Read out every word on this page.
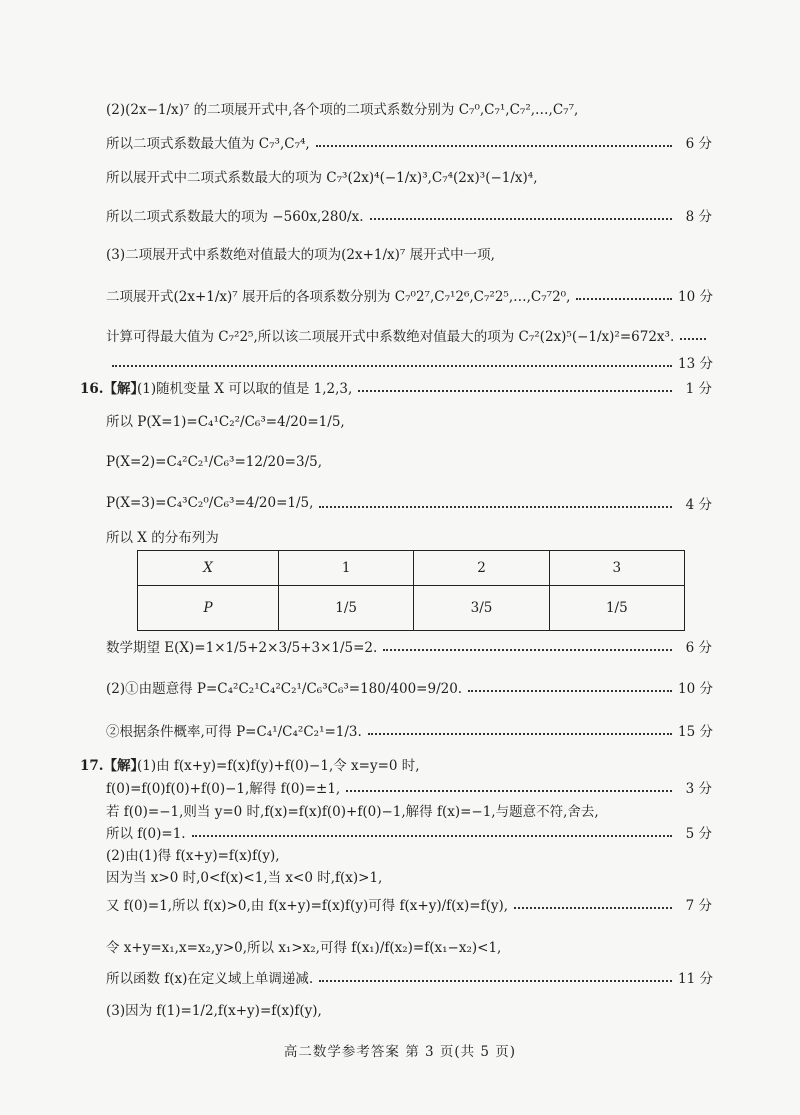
(2)(2x−1/x)⁷ 的二项展开式中,各个项的二项式系数分别为 C₇⁰,C₇¹,C₇²,…,C₇⁷,
所以二项式系数最大值为 C₇³,C₇⁴,	6 分
所以展开式中二项式系数最大的项为 C₇³(2x)⁴(−1/x)³,C₇⁴(2x)³(−1/x)⁴,
所以二项式系数最大的项为 −560x,280/x.	8 分
(3)二项展开式中系数绝对值最大的项为(2x+1/x)⁷ 展开式中一项,
二项展开式(2x+1/x)⁷ 展开后的各项系数分别为 C₇⁰2⁷,C₇¹2⁶,C₇²2⁵,…,C₇⁷2⁰,	10 分
计算可得最大值为 C₇²2⁵,所以该二项展开式中系数绝对值最大的项为 C₇²(2x)⁵(−1/x)²=672x³.
13 分
(1)随机变量 X 可以取的值是 1,2,3,	1 分
所以 P(X=1)=C₄¹C₂²/C₆³=4/20=1/5,
P(X=2)=C₄²C₂¹/C₆³=12/20=3/5,
P(X=3)=C₄³C₂⁰/C₆³=4/20=1/5,	4 分
所以 X 的分布列为
数学期望 E(X)=1×1/5+2×3/5+3×1/5=2.	6 分
(2)①由题意得 P=C₄²C₂¹C₄²C₂¹/C₆³C₆³=180/400=9/20.	10 分
②根据条件概率,可得 P=C₄¹/C₄²C₂¹=1/3.	15 分
(1)由 f(x+y)=f(x)f(y)+f(0)−1,令 x=y=0 时,
f(0)=f(0)f(0)+f(0)−1,解得 f(0)=±1,	3 分
若 f(0)=−1,则当 y=0 时,f(x)=f(x)f(0)+f(0)−1,解得 f(x)=−1,与题意不符,舍去,
所以 f(0)=1.	5 分
(2)由(1)得 f(x+y)=f(x)f(y),
因为当 x>0 时,0<f(x)<1,当 x<0 时,f(x)>1,
又 f(0)=1,所以 f(x)>0,由 f(x+y)=f(x)f(y)可得 f(x+y)/f(x)=f(y),	7 分
令 x+y=x₁,x=x₂,y>0,所以 x₁>x₂,可得 f(x₁)/f(x₂)=f(x₁−x₂)<1,
所以函数 f(x)在定义域上单调递减.	11 分
(3)因为 f(1)=1/2,f(x+y)=f(x)f(y),
16.【解】
17.【解】
X	1	2	3
P	1/5	3/5	1/5
高二数学参考答案 第 3 页(共 5 页)
